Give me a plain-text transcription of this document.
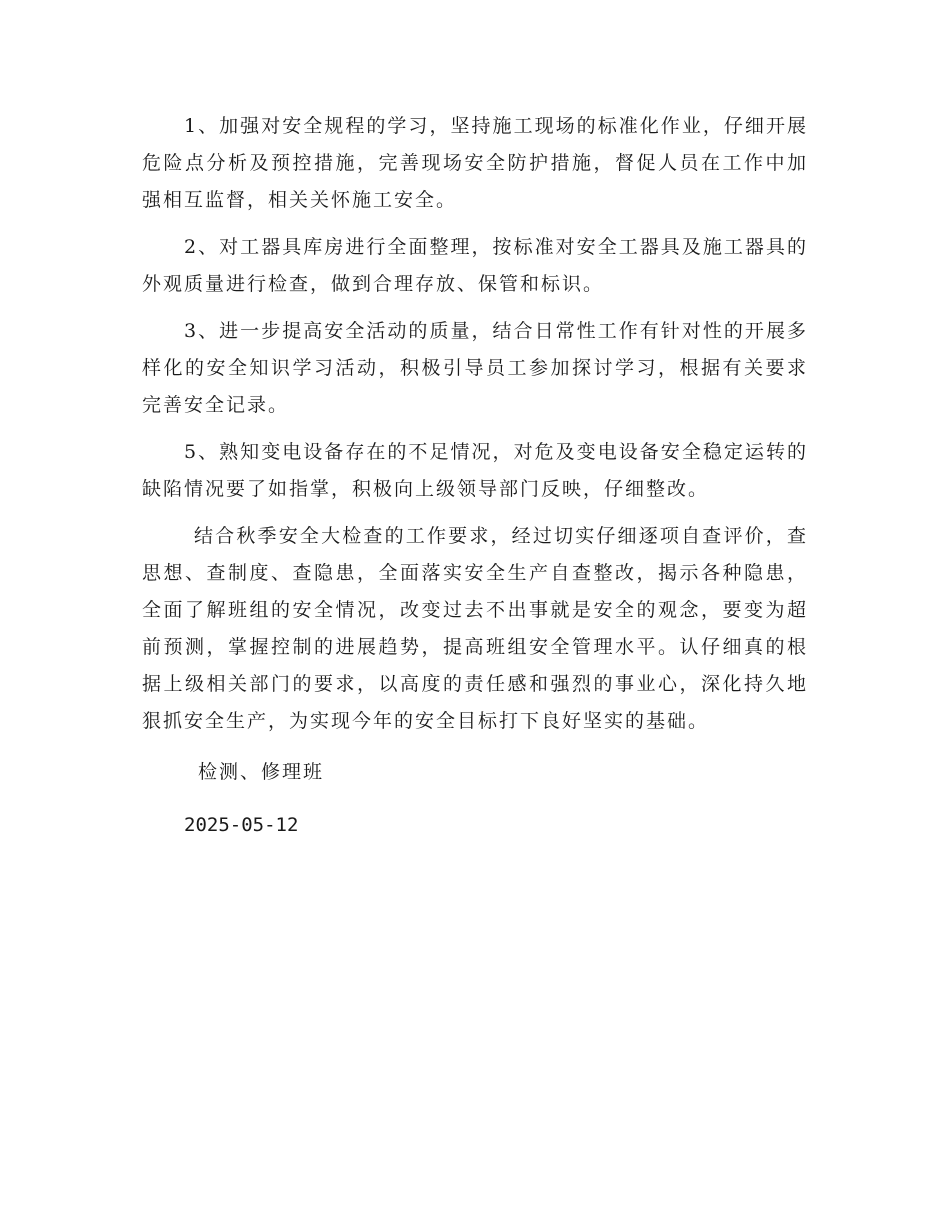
1、加强对安全规程的学习，坚持施工现场的标准化作业，仔细开展危险点分析及预控措施，完善现场安全防护措施，督促人员在工作中加强相互监督，相关关怀施工安全。

2、对工器具库房进行全面整理，按标准对安全工器具及施工器具的外观质量进行检查，做到合理存放、保管和标识。

3、进一步提高安全活动的质量，结合日常性工作有针对性的开展多样化的安全知识学习活动，积极引导员工参加探讨学习，根据有关要求完善安全记录。

5、熟知变电设备存在的不足情况，对危及变电设备安全稳定运转的缺陷情况要了如指掌，积极向上级领导部门反映，仔细整改。

结合秋季安全大检查的工作要求，经过切实仔细逐项自查评价，查思想、查制度、查隐患，全面落实安全生产自查整改，揭示各种隐患，全面了解班组的安全情况，改变过去不出事就是安全的观念，要变为超前预测，掌握控制的进展趋势，提高班组安全管理水平。认仔细真的根据上级相关部门的要求，以高度的责任感和强烈的事业心，深化持久地狠抓安全生产，为实现今年的安全目标打下良好坚实的基础。

检测、修理班

2025-05-12
